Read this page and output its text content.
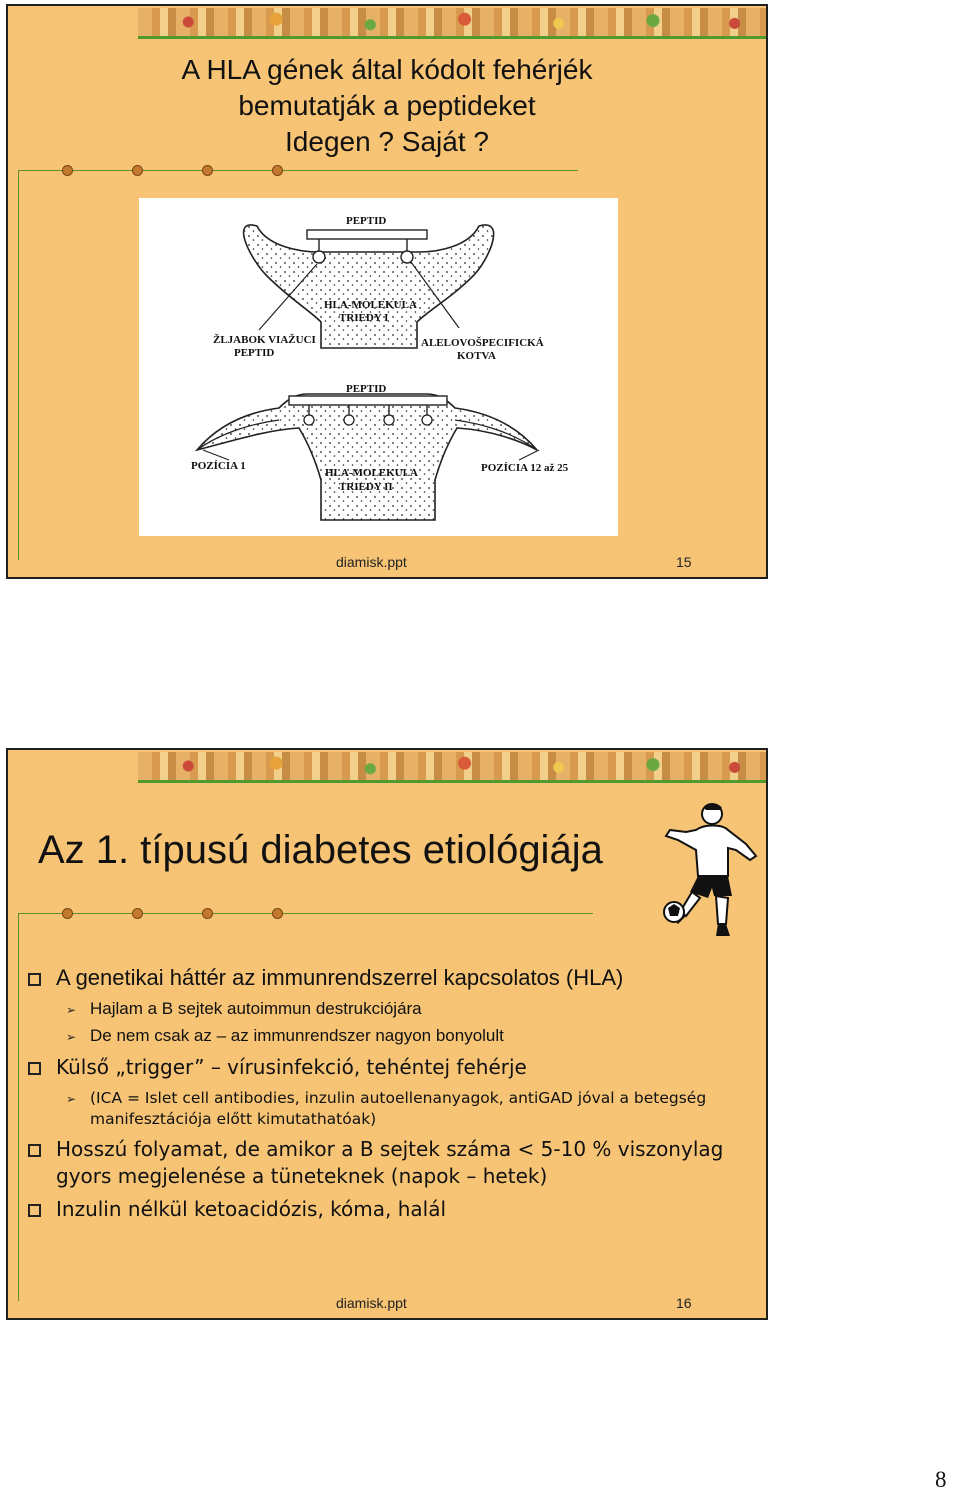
A HLA gének által kódolt fehérjék
bemutatják a peptideket
Idegen ? Saját ?
PEPTID
HLA-MOLEKULA
TRIEDY I
ŽLJABOK VIAŽUCI
PEPTID
ALELOVOŠPECIFICKÁ
KOTVA
PEPTID
POZÍCIA 1	POZÍCIA 12 až 25
HLA-MOLEKULA
TRIEDY II
diamisk.ppt	15
Az 1. típusú diabetes etiológiája

A genetikai háttér az immunrendszerrel kapcsolatos (HLA)

➢ Hajlam a B sejtek autoimmun destrukciójára

➢ De nem csak az – az immunrendszer nagyon bonyolult

Külső „trigger” – vírusinfekció, tehéntej fehérje

➢ (ICA = Islet cell antibodies, inzulin autoellenanyagok, antiGAD jóval a betegség manifesztációja előtt kimutathatóak)

Hosszú folyamat, de amikor a B sejtek száma < 5-10 % viszonylag gyors megjelenése a tüneteknek (napok – hetek)

Inzulin nélkül ketoacidózis, kóma, halál

diamisk.ppt	16
8
